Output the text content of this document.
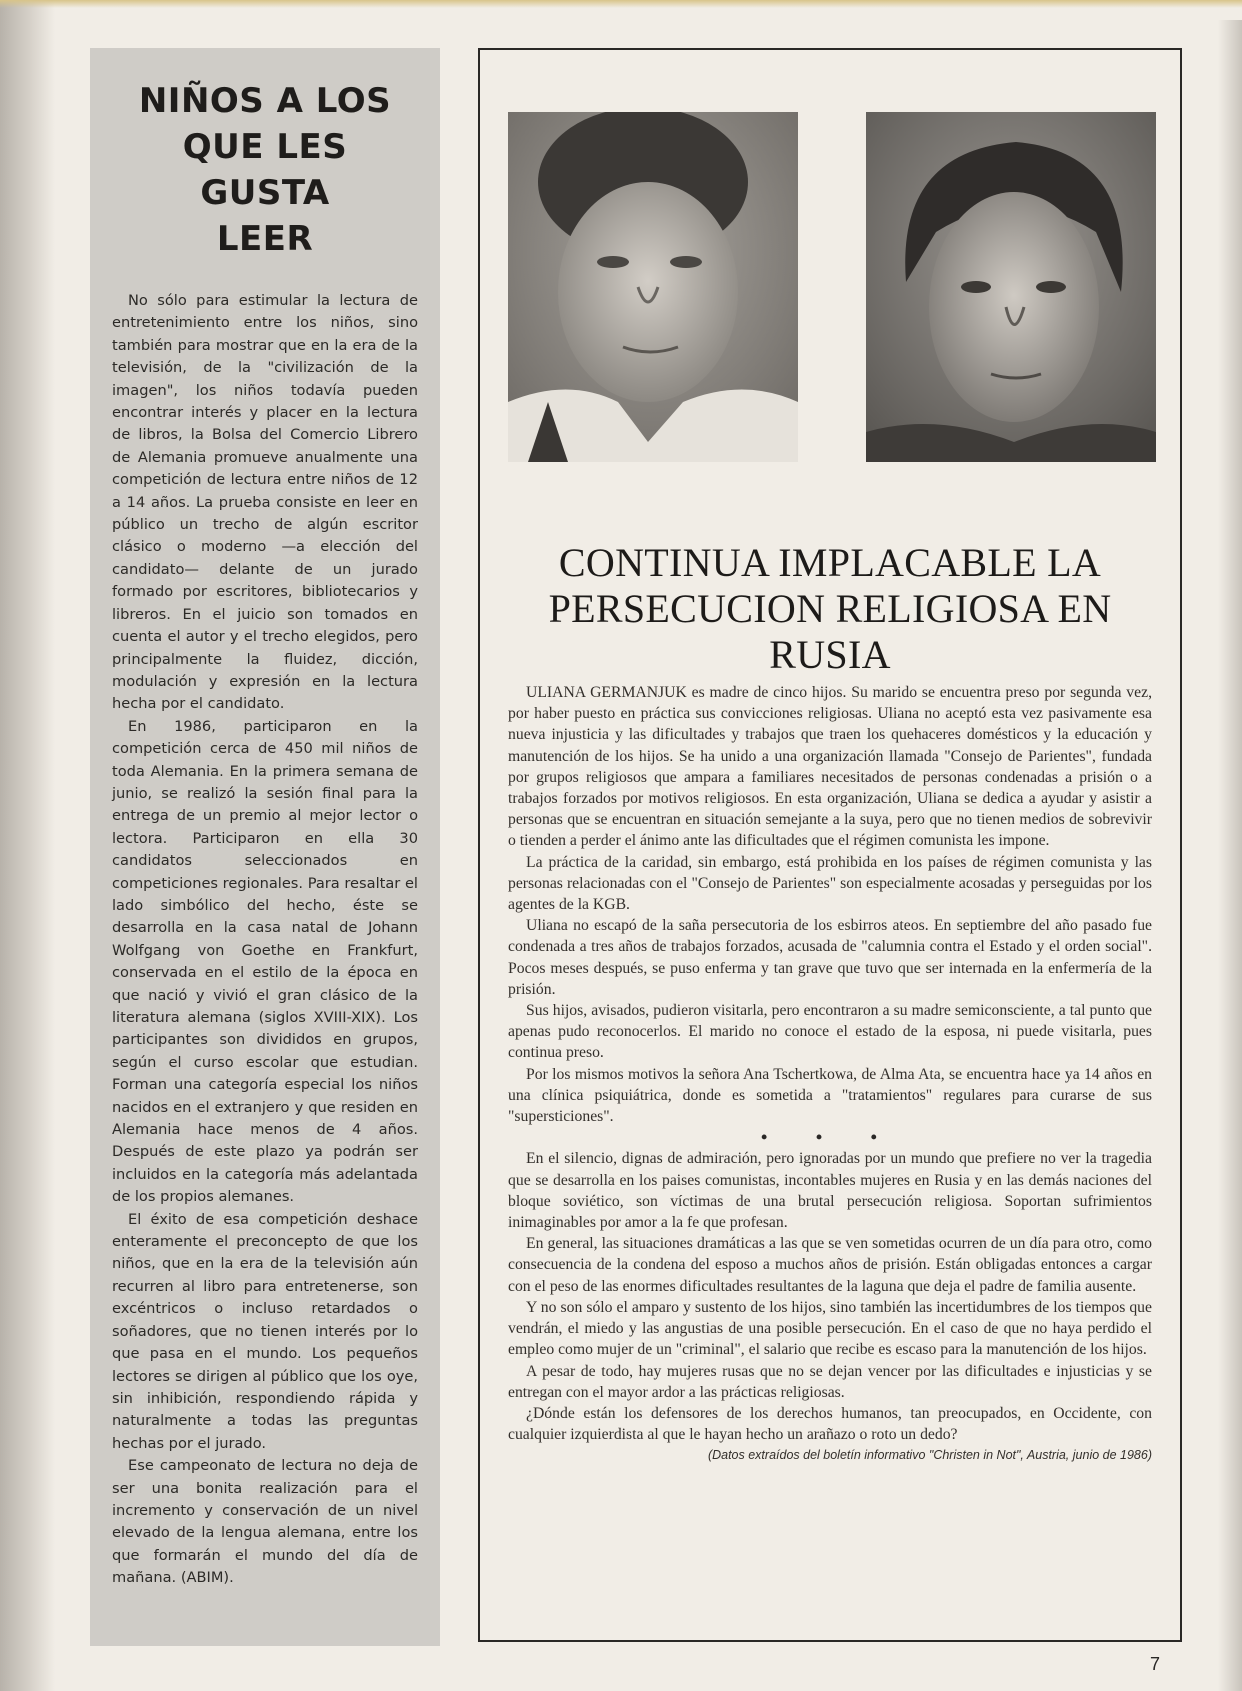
NIÑOS A LOS
QUE LES GUSTA
LEER

No sólo para estimular la lectura de entretenimiento entre los niños, sino también para mostrar que en la era de la televisión, de la "civilización de la imagen", los niños todavía pueden encontrar interés y placer en la lectura de libros, la Bolsa del Comercio Librero de Alemania promueve anualmente una competición de lectura entre niños de 12 a 14 años. La prueba consiste en leer en público un trecho de algún escritor clásico o moderno —a elección del candidato— delante de un jurado formado por escritores, bibliotecarios y libreros. En el juicio son tomados en cuenta el autor y el trecho elegidos, pero principalmente la fluidez, dicción, modulación y expresión en la lectura hecha por el candidato.

En 1986, participaron en la competición cerca de 450 mil niños de toda Alemania. En la primera semana de junio, se realizó la sesión final para la entrega de un premio al mejor lector o lectora. Participaron en ella 30 candidatos seleccionados en competiciones regionales. Para resaltar el lado simbólico del hecho, éste se desarrolla en la casa natal de Johann Wolfgang von Goethe en Frankfurt, conservada en el estilo de la época en que nació y vivió el gran clásico de la literatura alemana (siglos XVIII-XIX). Los participantes son divididos en grupos, según el curso escolar que estudian. Forman una categoría especial los niños nacidos en el extranjero y que residen en Alemania hace menos de 4 años. Después de este plazo ya podrán ser incluidos en la categoría más adelantada de los propios alemanes.

El éxito de esa competición deshace enteramente el preconcepto de que los niños, que en la era de la televisión aún recurren al libro para entretenerse, son excéntricos o incluso retardados o soñadores, que no tienen interés por lo que pasa en el mundo. Los pequeños lectores se dirigen al público que los oye, sin inhibición, respondiendo rápida y naturalmente a todas las preguntas hechas por el jurado.

Ese campeonato de lectura no deja de ser una bonita realización para el incremento y conservación de un nivel elevado de la lengua alemana, entre los que formarán el mundo del día de mañana. (ABIM).

CONTINUA IMPLACABLE LA
PERSECUCION RELIGIOSA EN
RUSIA

ULIANA GERMANJUK es madre de cinco hijos. Su marido se encuentra preso por segunda vez, por haber puesto en práctica sus convicciones religiosas. Uliana no aceptó esta vez pasivamente esa nueva injusticia y las dificultades y trabajos que traen los quehaceres domésticos y la educación y manutención de los hijos. Se ha unido a una organización llamada "Consejo de Parientes", fundada por grupos religiosos que ampara a familiares necesitados de personas condenadas a prisión o a trabajos forzados por motivos religiosos. En esta organización, Uliana se dedica a ayudar y asistir a personas que se encuentran en situación semejante a la suya, pero que no tienen medios de sobrevivir o tienden a perder el ánimo ante las dificultades que el régimen comunista les impone.

La práctica de la caridad, sin embargo, está prohibida en los países de régimen comunista y las personas relacionadas con el "Consejo de Parientes" son especialmente acosadas y perseguidas por los agentes de la KGB.

Uliana no escapó de la saña persecutoria de los esbirros ateos. En septiembre del año pasado fue condenada a tres años de trabajos forzados, acusada de "calumnia contra el Estado y el orden social". Pocos meses después, se puso enferma y tan grave que tuvo que ser internada en la enfermería de la prisión.

Sus hijos, avisados, pudieron visitarla, pero encontraron a su madre semiconsciente, a tal punto que apenas pudo reconocerlos. El marido no conoce el estado de la esposa, ni puede visitarla, pues continua preso.

Por los mismos motivos la señora Ana Tschertkowa, de Alma Ata, se encuentra hace ya 14 años en una clínica psiquiátrica, donde es sometida a "tratamientos" regulares para curarse de sus "supersticiones".

• • •

En el silencio, dignas de admiración, pero ignoradas por un mundo que prefiere no ver la tragedia que se desarrolla en los paises comunistas, incontables mujeres en Rusia y en las demás naciones del bloque soviético, son víctimas de una brutal persecución religiosa. Soportan sufrimientos inimaginables por amor a la fe que profesan.

En general, las situaciones dramáticas a las que se ven sometidas ocurren de un día para otro, como consecuencia de la condena del esposo a muchos años de prisión. Están obligadas entonces a cargar con el peso de las enormes dificultades resultantes de la laguna que deja el padre de familia ausente.

Y no son sólo el amparo y sustento de los hijos, sino también las incertidumbres de los tiempos que vendrán, el miedo y las angustias de una posible persecución. En el caso de que no haya perdido el empleo como mujer de un "criminal", el salario que recibe es escaso para la manutención de los hijos.

A pesar de todo, hay mujeres rusas que no se dejan vencer por las dificultades e injusticias y se entregan con el mayor ardor a las prácticas religiosas.

¿Dónde están los defensores de los derechos humanos, tan preocupados, en Occidente, con cualquier izquierdista al que le hayan hecho un arañazo o roto un dedo?

(Datos extraídos del boletín informativo "Christen in Not", Austria, junio de 1986)

7
